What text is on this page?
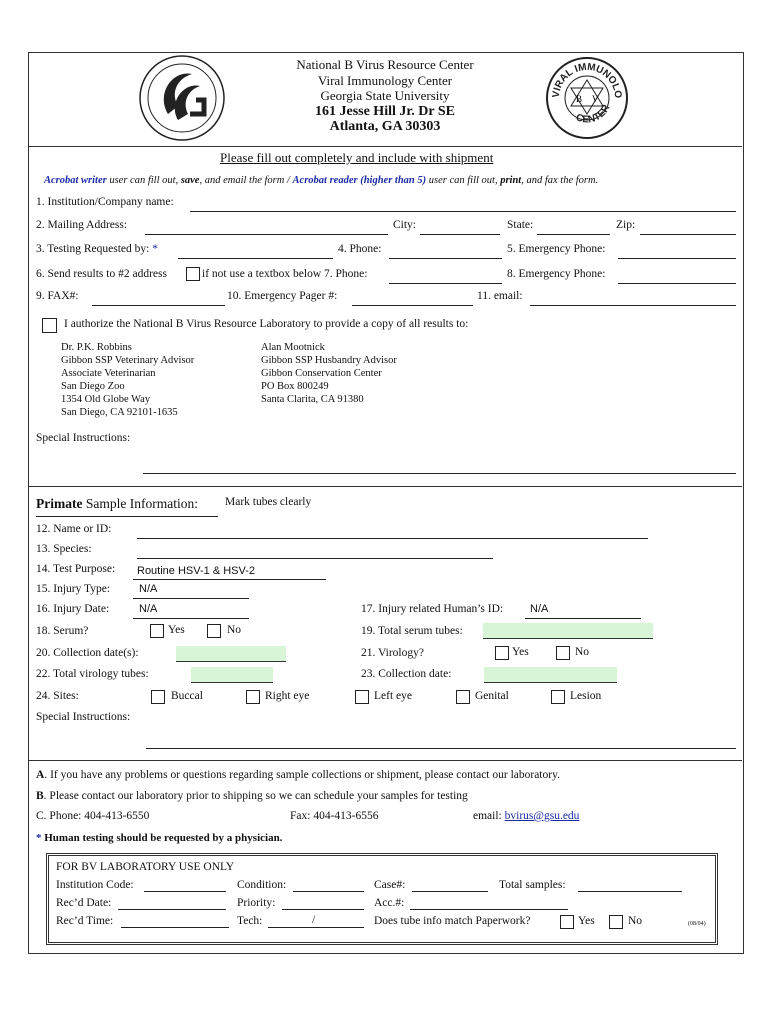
National B Virus Resource Center
Viral Immunology Center
Georgia State University
161 Jesse Hill Jr. Dr SE
Atlanta, GA 30303
VIRAL IMMUNOLO
CENTER
B V
Please fill out completely and include with shipment
Acrobat writer user can fill out, save, and email the form / Acrobat reader (higher than 5) user can fill out, print, and fax the form.
1. Institution/Company name:
2. Mailing Address:	City:	State:	Zip:
3. Testing Requested by: *	4. Phone:	5. Emergency Phone:
6. Send results to #2 address	if not use a textbox below 7. Phone:	8. Emergency Phone:
9. FAX#:	10. Emergency Pager #:	11. email:
I authorize the National B Virus Resource Laboratory to provide a copy of all results to:
Dr. P.K. Robbins
Gibbon SSP Veterinary Advisor
Associate Veterinarian
San Diego Zoo
1354 Old Globe Way
San Diego, CA 92101-1635
Alan Mootnick
Gibbon SSP Husbandry Advisor
Gibbon Conservation Center
PO Box 800249
Santa Clarita, CA 91380
Special Instructions:
Primate Sample Information: Mark tubes clearly
12. Name or ID:
13. Species:
14. Test Purpose: Routine HSV-1 & HSV-2
15. Injury Type:	N/A
16. Injury Date:	N/A	17. Injury related Human’s ID: N/A
18. Serum?	Yes	No	19. Total serum tubes:
20. Collection date(s):	21. Virology?	Yes	No
22. Total virology tubes:	23. Collection date:
24. Sites:	Buccal	Right eye	Left eye	Genital	Lesion
Special Instructions:
A. If you have any problems or questions regarding sample collections or shipment, please contact our laboratory.
B. Please contact our laboratory prior to shipping so we can schedule your samples for testing
C. Phone: 404-413-6550	Fax: 404-413-6556	email: bvirus@gsu.edu
* Human testing should be requested by a physician.
FOR BV LABORATORY USE ONLY
Institution Code:	Condition:	Case#:	Total samples:
Rec’d Date:	Priority:	Acc.#:
Rec’d Time:	Tech:	/	Does tube info match Paperwork?	Yes	No	(08/04)
